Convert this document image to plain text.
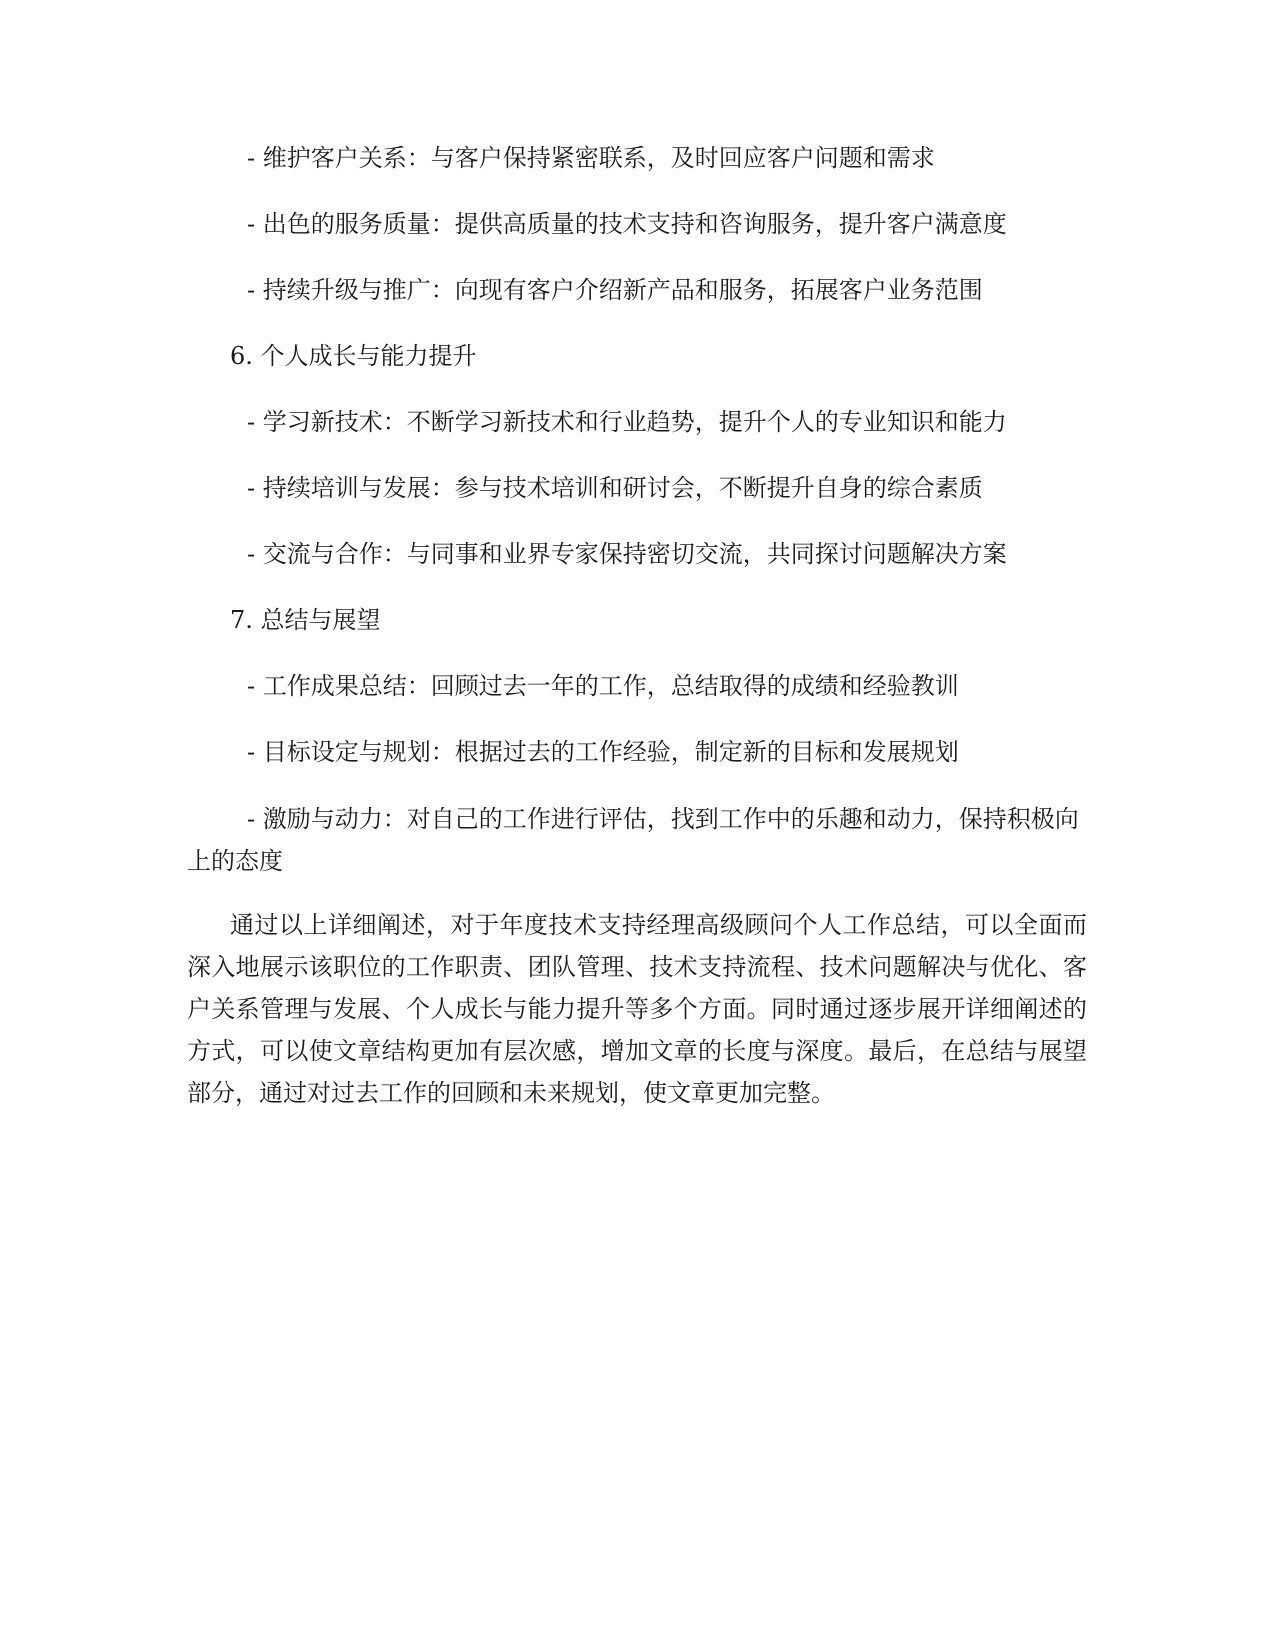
- 维护客户关系：与客户保持紧密联系，及时回应客户问题和需求
- 出色的服务质量：提供高质量的技术支持和咨询服务，提升客户满意度
- 持续升级与推广：向现有客户介绍新产品和服务，拓展客户业务范围
6. 个人成长与能力提升
- 学习新技术：不断学习新技术和行业趋势，提升个人的专业知识和能力
- 持续培训与发展：参与技术培训和研讨会，不断提升自身的综合素质
- 交流与合作：与同事和业界专家保持密切交流，共同探讨问题解决方案
7. 总结与展望
- 工作成果总结：回顾过去一年的工作，总结取得的成绩和经验教训
- 目标设定与规划：根据过去的工作经验，制定新的目标和发展规划
- 激励与动力：对自己的工作进行评估，找到工作中的乐趣和动力，保持积极向上的态度

通过以上详细阐述，对于年度技术支持经理高级顾问个人工作总结，可以全面而深入地展示该职位的工作职责、团队管理、技术支持流程、技术问题解决与优化、客户关系管理与发展、个人成长与能力提升等多个方面。同时通过逐步展开详细阐述的方式，可以使文章结构更加有层次感，增加文章的长度与深度。最后，在总结与展望部分，通过对过去工作的回顾和未来规划，使文章更加完整。
